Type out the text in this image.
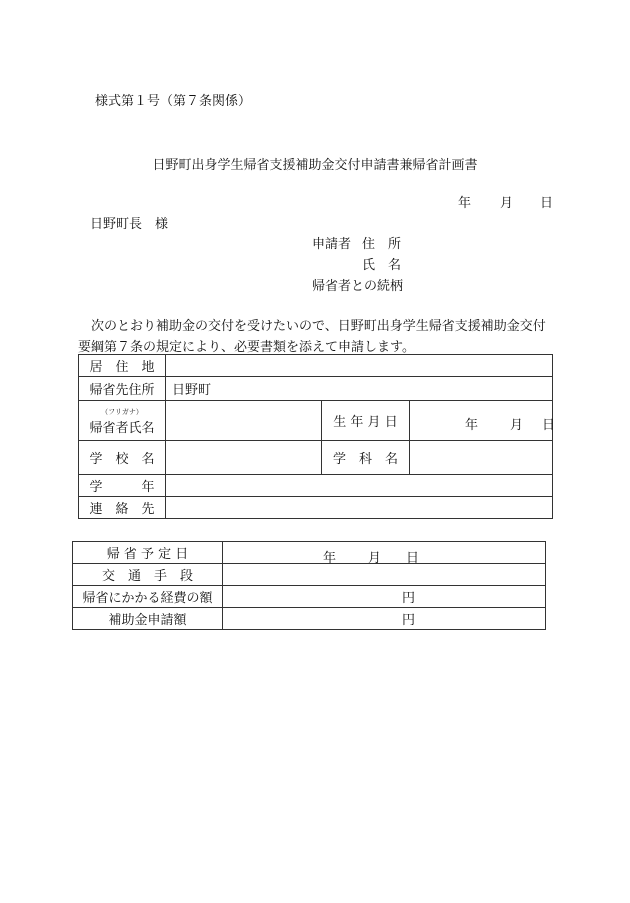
様式第１号（第７条関係）
日野町出身学生帰省支援補助金交付申請書兼帰省計画書
年 月 日
日野町長　様
申請者 住　所
氏　名
帰省者との続柄
　次のとおり補助金の交付を受けたいので、日野町出身学生帰省支援補助金交付要綱第７条の規定により、必要書類を添えて申請します。
居　住　地			
帰省先住所	日野町		

（フリガナ）
帰省者氏名		生 年 月 日	年 月 日

学　校　名		学　科　名	
学　　　年			
連　絡　先			
帰 省 予 定 日	年 月 日

交　通　手　段	
帰省にかかる経費の額	円
補助金申請額	円
